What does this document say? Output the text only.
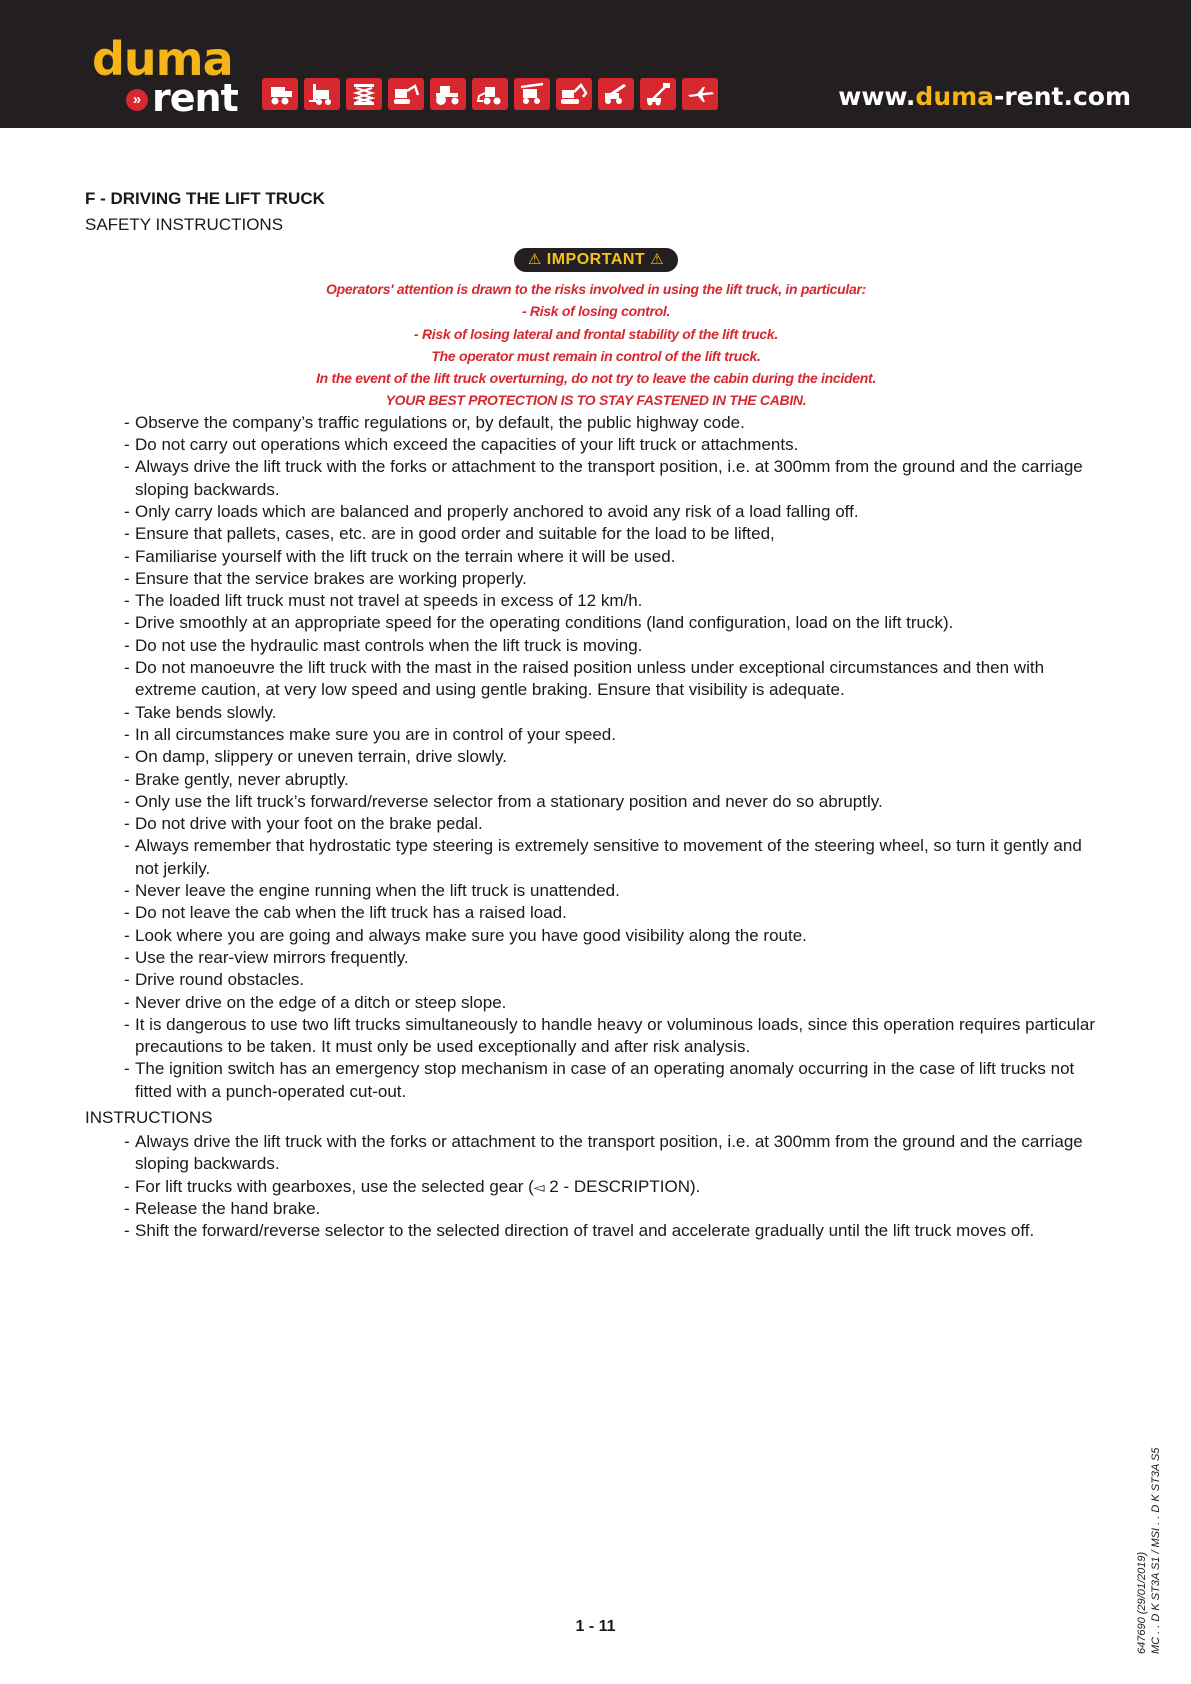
duma
» rent	www.duma-rent.com

F - DRIVING THE LIFT TRUCK

SAFETY INSTRUCTIONS

⚠ IMPORTANT ⚠
Operators' attention is drawn to the risks involved in using the lift truck, in particular:
- Risk of losing control.
- Risk of losing lateral and frontal stability of the lift truck.
The operator must remain in control of the lift truck.
In the event of the lift truck overturning, do not try to leave the cabin during the incident.
YOUR BEST PROTECTION IS TO STAY FASTENED IN THE CABIN.
- Observe the company’s traffic regulations or, by default, the public highway code.
- Do not carry out operations which exceed the capacities of your lift truck or attachments.
- Always drive the lift truck with the forks or attachment to the transport position, i.e. at 300mm from the ground and the carriage sloping backwards.
- Only carry loads which are balanced and properly anchored to avoid any risk of a load falling off.
- Ensure that pallets, cases, etc. are in good order and suitable for the load to be lifted,
- Familiarise yourself with the lift truck on the terrain where it will be used.
- Ensure that the service brakes are working properly.
- The loaded lift truck must not travel at speeds in excess of 12 km/h.
- Drive smoothly at an appropriate speed for the operating conditions (land configuration, load on the lift truck).
- Do not use the hydraulic mast controls when the lift truck is moving.
- Do not manoeuvre the lift truck with the mast in the raised position unless under exceptional circumstances and then with extreme caution, at very low speed and using gentle braking. Ensure that visibility is adequate.
- Take bends slowly.
- In all circumstances make sure you are in control of your speed.
- On damp, slippery or uneven terrain, drive slowly.
- Brake gently, never abruptly.
- Only use the lift truck’s forward/reverse selector from a stationary position and never do so abruptly.
- Do not drive with your foot on the brake pedal.
- Always remember that hydrostatic type steering is extremely sensitive to movement of the steering wheel, so turn it gently and not jerkily.
- Never leave the engine running when the lift truck is unattended.
- Do not leave the cab when the lift truck has a raised load.
- Look where you are going and always make sure you have good visibility along the route.
- Use the rear-view mirrors frequently.
- Drive round obstacles.
- Never drive on the edge of a ditch or steep slope.
- It is dangerous to use two lift trucks simultaneously to handle heavy or voluminous loads, since this operation requires particular precautions to be taken. It must only be used exceptionally and after risk analysis.
- The ignition switch has an emergency stop mechanism in case of an operating anomaly occurring in the case of lift trucks not fitted with a punch-operated cut-out.

INSTRUCTIONS

- Always drive the lift truck with the forks or attachment to the transport position, i.e. at 300mm from the ground and the carriage sloping backwards.
- For lift trucks with gearboxes, use the selected gear (◅ 2 - DESCRIPTION).
- Release the hand brake.
- Shift the forward/reverse selector to the selected direction of travel and accelerate gradually until the lift truck moves off.
1 - 11	647690 (29/01/2019) MC . . D K ST3A S1 / MSI . . D K ST3A S5
